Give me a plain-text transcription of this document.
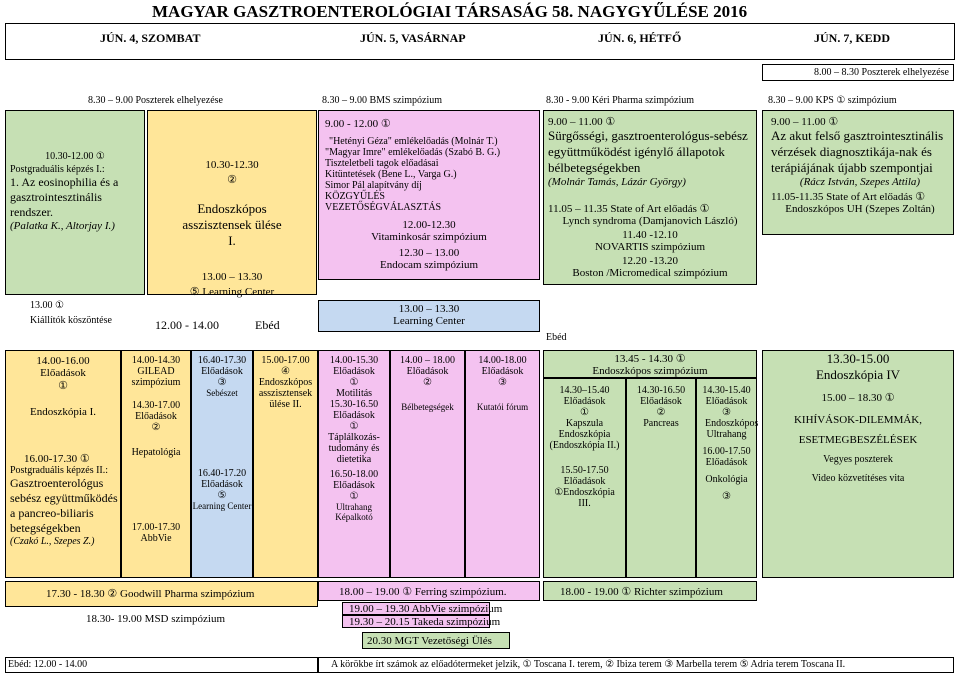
MAGYAR GASZTROENTEROLÓGIAI TÁRSASÁG 58. NAGYGYŰLÉSE 2016
JÚN. 4, SZOMBAT	JÚN. 5, VASÁRNAP	JÚN. 6, HÉTFŐ	JÚN. 7, KEDD
8.00 – 8.30 Poszterek elhelyezése
8.30 – 9.00 Poszterek elhelyezése	8.30 – 9.00 BMS szimpózium	8.30 - 9.00 Kéri Pharma szimpózium	8.30 – 9.00 KPS ① szimpózium
10.30-12.00 ①
Postgraduális képzés I.:
1. Az eosinophilia és a gasztrointesztinális rendszer.
(Palatka K., Altorjay I.)
10.30-12.30
②
Endoszkópos asszisztensek ülése I.
13.00 – 13.30
⑤ Learning Center
13.00 ①
Kiállítók köszöntése	12.00 - 14.00	Ebéd
14.00-16.00
Előadások
①
Endoszkópia I.
16.00-17.30 ①
Postgraduális képzés II.:
Gasztroenterológus sebész együttműködés a pancreo-biliaris betegségekben
(Czakó L., Szepes Z.)
14.00-14.30
GILEAD szimpózium
14.30-17.00
Előadások
②
Hepatológia
17.00-17.30
AbbVie
16.40-17.30
Előadások
③
Sebészet
16.40-17.20
Előadások
⑤
Learning Center
15.00-17.00
④
Endoszkópos asszisztensek ülése II.
17.30 - 18.30 ② Goodwill Pharma szimpózium
18.30- 19.00 MSD szimpózium
9.00 - 12.00 ①
"Hetényi Géza" emlékelőadás (Molnár T.)
"Magyar Imre" emlékelőadás (Szabó B. G.)
Tiszteletbeli tagok előadásai
Kitüntetések (Bene L., Varga G.)
Simor Pál alapítvány díj
KÖZGYŰLÉS
VEZETŐSÉGVÁLASZTÁS
12.00-12.30
Vitaminkosár szimpózium
12.30 – 13.00
Endocam szimpózium
13.00 – 13.30
Learning Center
14.00-15.30
Előadások
①
Motilitás
15.30-16.50
Előadások
①
Táplálkozás-tudomány és dietetika
16.50-18.00
Előadások
①
Ultrahang
Képalkotó
14.00 – 18.00
Előadások
②
Bélbetegségek
14.00-18.00
Előadások
③
Kutatói fórum
18.00 – 19.00 ① Ferring szimpózium.
19.00 – 19.30 AbbVie szimpózium
19.30 – 20.15 Takeda szimpózium
20.30 MGT Vezetőségi Ülés
9.00 – 11.00 ①
Sürgősségi, gasztroenterológus-sebész együttműködést igénylő állapotok bélbetegségekben
(Molnár Tamás, Lázár György)
11.05 – 11.35 State of Art előadás ①
Lynch syndroma (Damjanovich László)
11.40 -12.10
NOVARTIS szimpózium
12.20 -13.20
Boston /Micromedical szimpózium
Ebéd
13.45 - 14.30 ①
Endoszkópos szimpózium
14.30–15.40
Előadások
①
Kapszula Endoszkópia (Endoszkópia II.)
15.50-17.50
Előadások
①Endoszkópia III.
14.30-16.50
Előadások
②
Pancreas
14.30-15.40
Előadások
③
Endoszkópos Ultrahang
16.00-17.50
Előadások
Onkológia
③
18.00 - 19.00 ① Richter szimpózium
9.00 – 11.00 ①
Az akut felső gasztrointesztinális vérzések diagnosztikája-nak és terápiájának újabb szempontjai
(Rácz István, Szepes Attila)
11.05-11.35 State of Art előadás ①
Endoszkópos UH (Szepes Zoltán)
13.30-15.00
Endoszkópia IV
15.00 – 18.30 ①
KIHÍVÁSOK-DILEMMÁK,
ESETMEGBESZÉLÉSEK
Vegyes poszterek
Video közvetítéses vita
Ebéd: 12.00 - 14.00	A körökbe írt számok az előadótermeket jelzik, ① Toscana I. terem, ② Ibiza terem ③ Marbella terem ⑤ Adria terem Toscana II.
